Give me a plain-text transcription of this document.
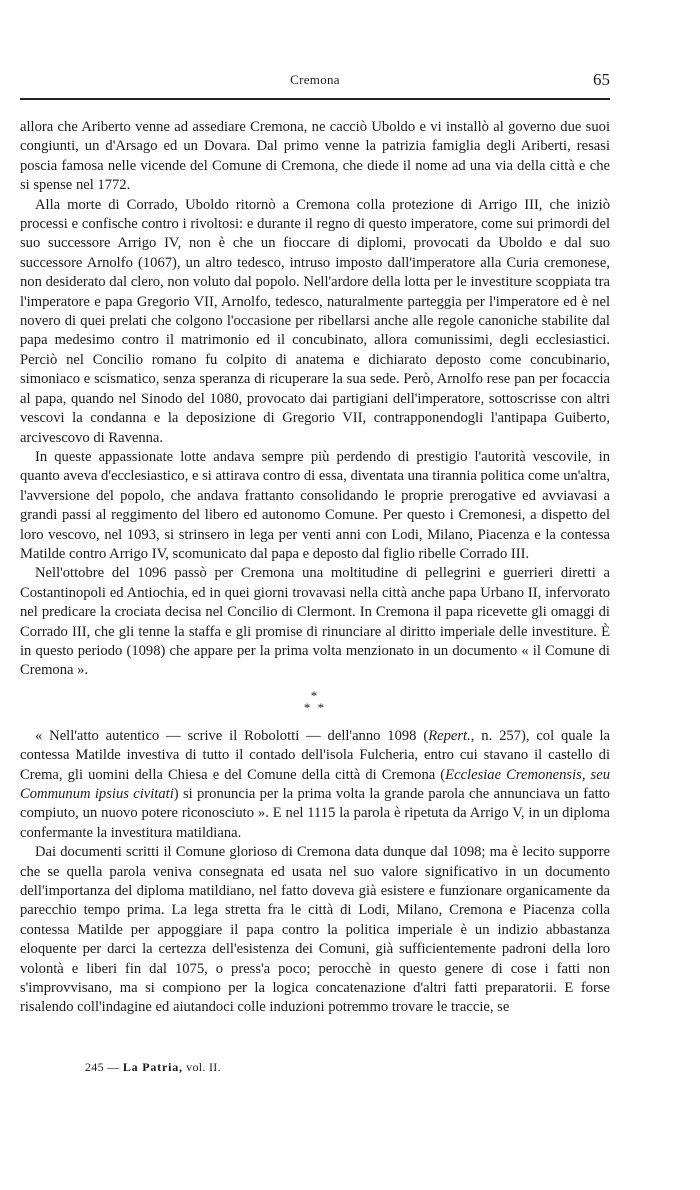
Cremona	65

allora che Ariberto venne ad assediare Cremona, ne cacciò Uboldo e vi installò al governo due suoi congiunti, un d'Arsago ed un Dovara. Dal primo venne la patrizia famiglia degli Ariberti, resasi poscia famosa nelle vicende del Comune di Cremona, che diede il nome ad una via della città e che si spense nel 1772.

Alla morte di Corrado, Uboldo ritornò a Cremona colla protezione di Arrigo III, che iniziò processi e confische contro i rivoltosi: e durante il regno di questo imperatore, come sui primordi del suo successore Arrigo IV, non è che un fioccare di diplomi, provocati da Uboldo e dal suo successore Arnolfo (1067), un altro tedesco, intruso imposto dall'imperatore alla Curia cremonese, non desiderato dal clero, non voluto dal popolo. Nell'ardore della lotta per le investiture scoppiata tra l'imperatore e papa Gregorio VII, Arnolfo, tedesco, naturalmente parteggia per l'imperatore ed è nel novero di quei prelati che colgono l'occasione per ribellarsi anche alle regole canoniche stabilite dal papa medesimo contro il matrimonio ed il concubinato, allora comunissimi, degli ecclesiastici. Perciò nel Concilio romano fu colpito di anatema e dichiarato deposto come concubinario, simoniaco e scismatico, senza speranza di ricuperare la sua sede. Però, Arnolfo rese pan per focaccia al papa, quando nel Sinodo del 1080, provocato dai partigiani dell'imperatore, sottoscrisse con altri vescovi la condanna e la deposizione di Gregorio VII, contrapponendogli l'antipapa Guiberto, arcivescovo di Ravenna.

In queste appassionate lotte andava sempre più perdendo di prestigio l'autorità vescovile, in quanto aveva d'ecclesiastico, e si attirava contro di essa, diventata una tirannia politica come un'altra, l'avversione del popolo, che andava frattanto consolidando le proprie prerogative ed avviavasi a grandi passi al reggimento del libero ed autonomo Comune. Per questo i Cremonesi, a dispetto del loro vescovo, nel 1093, si strinsero in lega per venti anni con Lodi, Milano, Piacenza e la contessa Matilde contro Arrigo IV, scomunicato dal papa e deposto dal figlio ribelle Corrado III.

Nell'ottobre del 1096 passò per Cremona una moltitudine di pellegrini e guerrieri diretti a Costantinopoli ed Antiochia, ed in quei giorni trovavasi nella città anche papa Urbano II, infervorato nel predicare la crociata decisa nel Concilio di Clermont. In Cremona il papa ricevette gli omaggi di Corrado III, che gli tenne la staffa e gli promise di rinunciare al diritto imperiale delle investiture. È in questo periodo (1098) che appare per la prima volta menzionato in un documento « il Comune di Cremona ».

*
* *

« Nell'atto autentico — scrive il Robolotti — dell'anno 1098 (Repert., n. 257), col quale la contessa Matilde investiva di tutto il contado dell'isola Fulcheria, entro cui stavano il castello di Crema, gli uomini della Chiesa e del Comune della città di Cremona (Ecclesiae Cremonensis, seu Communum ipsius civitati) si pronuncia per la prima volta la grande parola che annunciava un fatto compiuto, un nuovo potere riconosciuto ». E nel 1115 la parola è ripetuta da Arrigo V, in un diploma confermante la investitura matildiana.

Dai documenti scritti il Comune glorioso di Cremona data dunque dal 1098; ma è lecito supporre che se quella parola veniva consegnata ed usata nel suo valore significativo in un documento dell'importanza del diploma matildiano, nel fatto doveva già esistere e funzionare organicamente da parecchio tempo prima. La lega stretta fra le città di Lodi, Milano, Cremona e Piacenza colla contessa Matilde per appoggiare il papa contro la politica imperiale è un indizio abbastanza eloquente per darci la certezza dell'esistenza dei Comuni, già sufficientemente padroni della loro volontà e liberi fin dal 1075, o press'a poco; perocchè in questo genere di cose i fatti non s'improvvisano, ma si compiono per la logica concatenazione d'altri fatti preparatorii. E forse risalendo coll'indagine ed aiutandoci colle induzioni potremmo trovare le traccie, se

245 — La Patria, vol. II.
